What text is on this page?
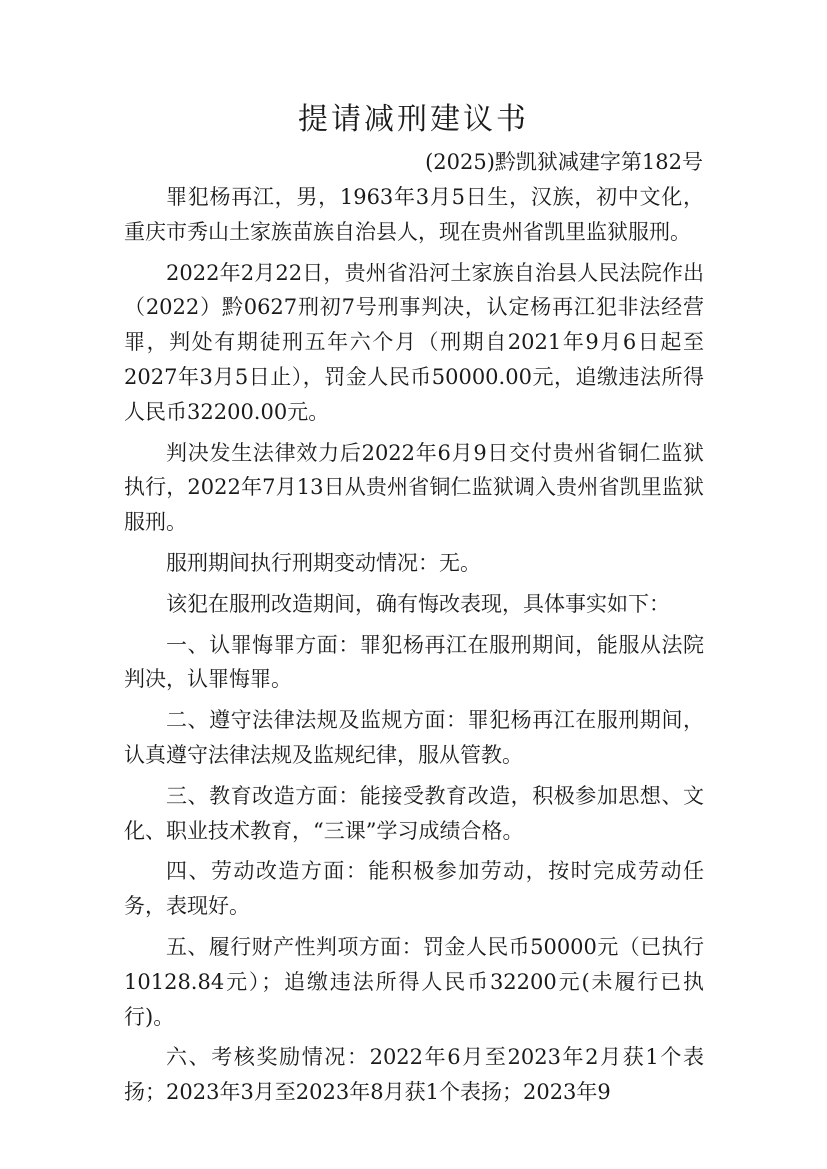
提请减刑建议书
(2025)黔凯狱减建字第182号

罪犯杨再江，男，1963年3月5日生，汉族，初中文化，重庆市秀山土家族苗族自治县人，现在贵州省凯里监狱服刑。

2022年2月22日，贵州省沿河土家族自治县人民法院作出（2022）黔0627刑初7号刑事判决，认定杨再江犯非法经营罪，判处有期徒刑五年六个月（刑期自2021年9月6日起至2027年3月5日止），罚金人民币50000.00元，追缴违法所得人民币32200.00元。

判决发生法律效力后2022年6月9日交付贵州省铜仁监狱执行，2022年7月13日从贵州省铜仁监狱调入贵州省凯里监狱服刑。

服刑期间执行刑期变动情况：无。

该犯在服刑改造期间，确有悔改表现，具体事实如下：

一、认罪悔罪方面：罪犯杨再江在服刑期间，能服从法院判决，认罪悔罪。

二、遵守法律法规及监规方面：罪犯杨再江在服刑期间，认真遵守法律法规及监规纪律，服从管教。

三、教育改造方面：能接受教育改造，积极参加思想、文化、职业技术教育，“三课”学习成绩合格。

四、劳动改造方面：能积极参加劳动，按时完成劳动任务，表现好。

五、履行财产性判项方面：罚金人民币50000元（已执行10128.84元）；追缴违法所得人民币32200元(未履行已执行)。

六、考核奖励情况：2022年6月至2023年2月获1个表扬；2023年3月至2023年8月获1个表扬；2023年9
